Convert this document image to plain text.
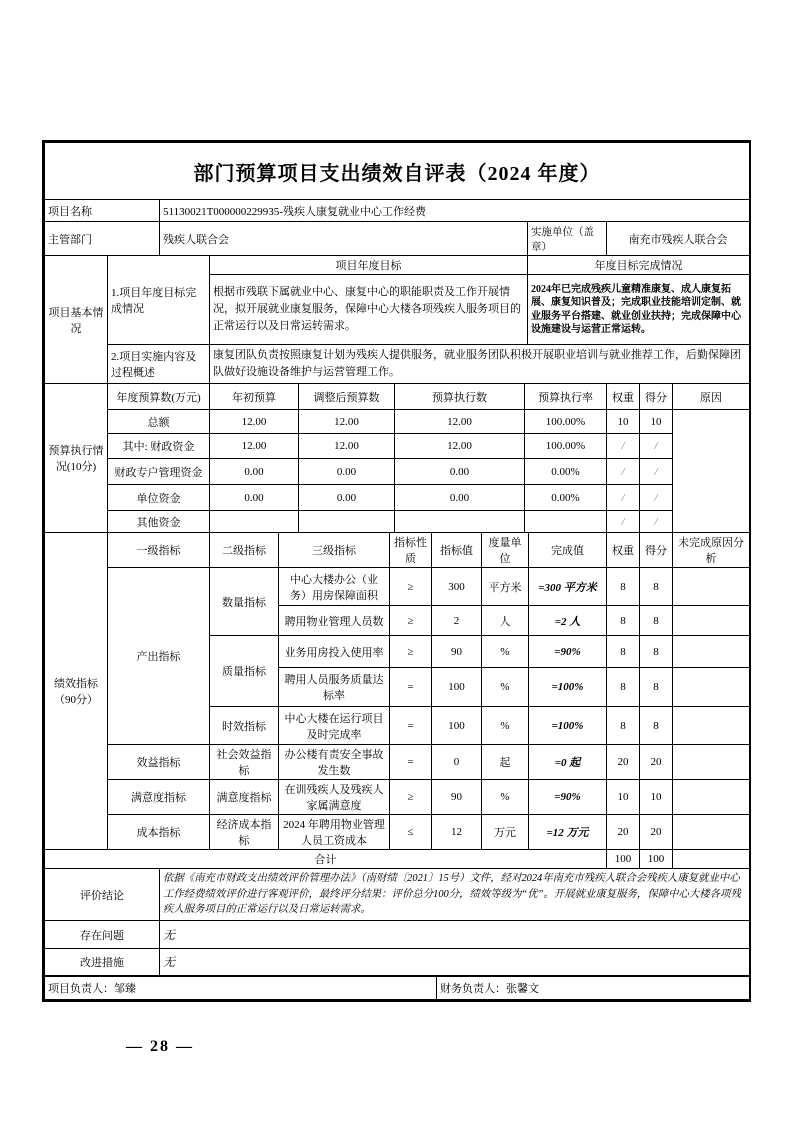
部门预算项目支出绩效自评表（2024 年度）			
项目名称	51130021T000000229935-残疾人康复就业中心工作经费		
主管部门	残疾人联合会	实施单位（盖章）	南充市残疾人联合会
项目基本情况	1.项目年度目标完成情况	项目年度目标	年度目标完成情况
		根据市残联下属就业中心、康复中心的职能职责及工作开展情况，拟开展就业康复服务，保障中心大楼各项残疾人服务项目的正常运行以及日常运转需求。	2024年已完成残疾儿童精准康复、成人康复拓展、康复知识普及；完成职业技能培训定制、就业服务平台搭建、就业创业扶持；完成保障中心设施建设与运营正常运转。
	2.项目实施内容及过程概述	康复团队负责按照康复计划为残疾人提供服务，就业服务团队积极开展职业培训与就业推荐工作，后勤保障团队做好设施设备维护与运营管理工作。	
预算执行情况(10分)	年度预算数(万元)	年初预算	调整后预算数	预算执行数	预算执行率	权重	得分	原因
	总额	12.00	12.00	12.00	100.00%	10	10	
	其中: 财政资金	12.00	12.00	12.00	100.00%	/	/	
	财政专户管理资金	0.00	0.00	0.00	0.00%	/	/	
	单位资金	0.00	0.00	0.00	0.00%	/	/	
	其他资金					/	/	
绩效指标（90分）	一级指标	二级指标	三级指标	指标性质	指标值	度量单位	完成值	权重	得分	未完成原因分析
	产出指标	数量指标	中心大楼办公（业务）用房保障面积	≥	300	平方米	=300 平方米	8	8	
			聘用物业管理人员数	≥	2	人	=2 人	8	8	
		质量指标	业务用房投入使用率	≥	90	%	=90%	8	8	
			聘用人员服务质量达标率	=	100	%	=100%	8	8	
		时效指标	中心大楼在运行项目及时完成率	=	100	%	=100%	8	8	
	效益指标	社会效益指标	办公楼有责安全事故发生数	=	0	起	=0 起	20	20	
	满意度指标	满意度指标	在训残疾人及残疾人家属满意度	≥	90	%	=90%	10	10	
	成本指标	经济成本指标	2024 年聘用物业管理人员工资成本	≤	12	万元	=12 万元	20	20	
合计								100	100	
评价结论	依据《南充市财政支出绩效评价管理办法》（南财绩〔2021〕15号）文件，经对2024年南充市残疾人联合会残疾人康复就业中心工作经费绩效评价进行客观评价，最终评分结果：评价总分100分，绩效等级为“优”。开展就业康复服务，保障中心大楼各项残疾人服务项目的正常运行以及日常运转需求。
存在问题	无
改进措施	无
项目负责人：邹臻	财务负责人：张馨文
— 28 —
